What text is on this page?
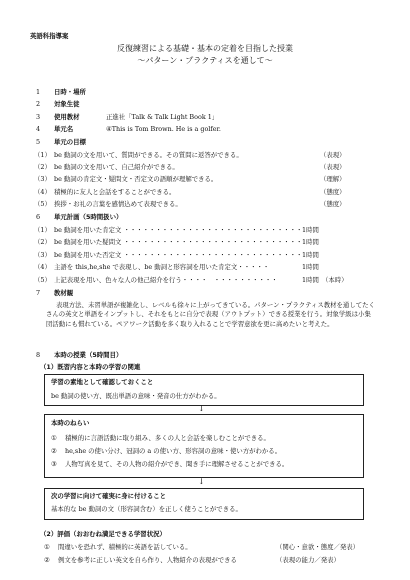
英語科指導案
反復練習による基礎・基本の定着を目指した授業
～パターン・プラクティスを通して～
1 日時・場所
2 対象生徒
3 使用教材	正進社「Talk & Talk Light Book 1」
4 単元名	④This is Tom Brown. He is a golfer.
5 単元の目標
（1） be 動詞の文を用いて、質問ができる。その質問に返答ができる。	（表現）
（2） be 動詞の文を用いて、自己紹介ができる。	（表現）
（3） be 動詞の肯定文・疑問文・否定文の語順が理解できる。	（理解）
（4） 積極的に友人と会話をすることができる。	（態度）
（5） 挨拶・お礼の言葉を感情込めて表現できる。	（態度）
6 単元計画（5時間扱い）
（1） be 動詞を用いた肯定文 ・・・・・・・・・・・・・・・・・・・・・・・・・・・・ 1時間
（2） be 動詞を用いた疑問文 ・・・・・・・・・・・・・・・・・・・・・・・・・・・・ 1時間
（3） be 動詞を用いた否定文 ・・・・・・・・・・・・・・・・・・・・・・・・・・・・ 1時間
（4） 主語を this,he,she で表現し、be 動詞と形容詞を用いた肯定文・・・・・	1時間
（5） 上記表現を用い、色々な人の他己紹介を行う・・・・　・・・・・・・・・・	1時間　（本時）
7 教材観
表現方法、未習単語が複雑化し、レベルも徐々に上がってきている。パターン・プラクティス教材を通してたくさんの英文と単語をインプットし、それをもとに自分で表現（アウトプット）できる授業を行う。対象学級は小集団活動にも慣れている。ペアワーク活動を多く取り入れることで学習意欲を更に高めたいと考えた。
8 本時の授業（5時間目）
（1）既習内容と本時の学習の関連
学習の素地として確認しておくこと
be 動詞の使い方、既出単語の意味・発音の仕方がわかる。
↓
本時のねらい
① 積極的に言語活動に取り組み、多くの人と会話を楽しむことができる。
② he,she の使い分け、冠詞の a の使い方、形容詞の意味・使い方がわかる。
③ 人物写真を見て、その人物の紹介ができ、聞き手に理解させることができる。
↓
次の学習に向けて確実に身に付けること
基本的な be 動詞の文（形容詞含む）を正しく使うことができる。
（2）評価（おおむね満足できる学習状況）
① 間違いを恐れず、積極的に英語を話している。	（関心・意欲・態度／発表）
② 例文を参考に正しい英文を自ら作り、人物紹介の表現ができる	（表現の能力／発表）
